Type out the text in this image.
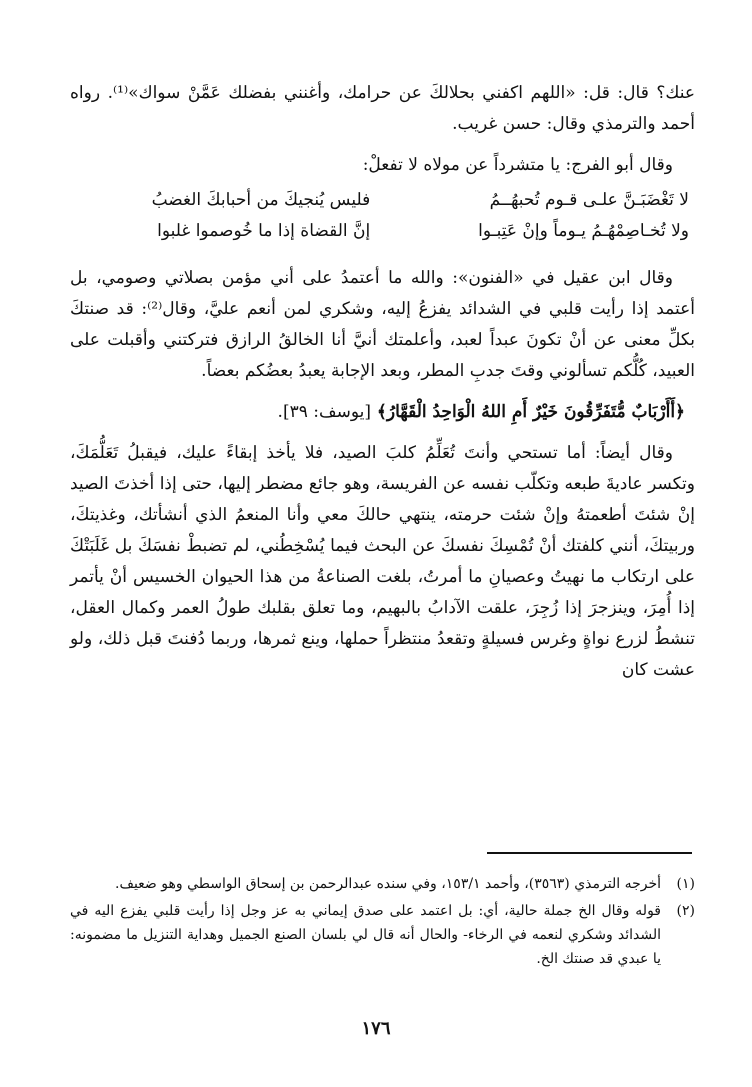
عنك؟ قال: قل: «اللهم اكفني بحلالكَ عن حرامك، وأغنني بفضلك عَمَّنْ سواك»⁽¹⁾. رواه أحمد والترمذي وقال: حسن غريب.

وقال أبو الفرج: يا متشرداً عن مولاه لا تفعلْ:

لا تَغْضَبَـنَّ علـى قـوم تُحبهُــمُ
فليس يُنجيكَ من أحبابكَ الغضبُ
ولا تُخـاصِمْهُـمُ يـوماً وإنْ عَتِبـوا
إنَّ القضاة إذا ما خُوصموا غلبوا

وقال ابن عقيل في «الفنون»: والله ما أعتمدُ على أني مؤمن بصلاتي وصومي، بل أعتمد إذا رأيت قلبي في الشدائد يفزعُ إليه، وشكري لمن أنعم عليَّ، وقال⁽²⁾: قد صنتكَ بكلِّ معنى عن أنْ تكونَ عبداً لعبد، وأعلمتك أنيَّ أنا الخالقُ الرازق فتركتني وأقبلت على العبيد، كُلُّكم تسألوني وقتَ جدبِ المطر، وبعد الإجابة يعبدُ بعضُكم بعضاً.

﴿أَأَرْبَابٌ مُّتَفَرِّقُونَ خَيْرٌ أَمِ اللهُ الْوَاحِدُ الْقَهَّارُ﴾ [يوسف: ٣٩].

وقال أيضاً: أما تستحي وأنتَ تُعَلِّمُ كلبَ الصيد، فلا يأخذ إبقاءً عليك، فيقبلُ تَعَلُّمَكَ، وتكسر عاديةَ طبعه وتكلّب نفسه عن الفريسة، وهو جائع مضطر إليها، حتى إذا أخذتَ الصيد إنْ شئتَ أطعمتهُ وإنْ شئت حرمته، ينتهي حالكَ معي وأنا المنعمُ الذي أنشأتك، وغذيتكَ، وربيتكَ، أنني كلفتك أنْ تُمْسِكَ نفسكَ عن البحث فيما يُسْخِطُني، لم تضبطْ نفسَكَ بل غَلَبَتْكَ على ارتكاب ما نهيتُ وعصيانِ ما أمرتُ، بلغت الصناعةُ من هذا الحيوان الخسيس أنْ يأتمر إذا أُمِرَ، وينزجرَ إذا زُجِرَ، علقت الآدابُ بالبهيم، وما تعلق بقلبك طولُ العمر وكمال العقل، تنشطُ لزرع نواةٍ وغرس فسيلةٍ وتقعدُ منتظراً حملها، وينع ثمرها، وربما دُفنتَ قبل ذلك، ولو عشت كان

(١)
أخرجه الترمذي (٣٥٦٣)، وأحمد ١٥٣/١، وفي سنده عبدالرحمن بن إسحاق الواسطي وهو ضعيف.
(٢)
قوله وقال الخ جملة حالية، أي: بل اعتمد على صدق إيماني به عز وجل إذا رأيت قلبي يفزع اليه في الشدائد وشكري لنعمه في الرخاء- والحال أنه قال لي بلسان الصنع الجميل وهداية التنزيل ما مضمونه: يا عبدي قد صنتك الخ.
١٧٦
